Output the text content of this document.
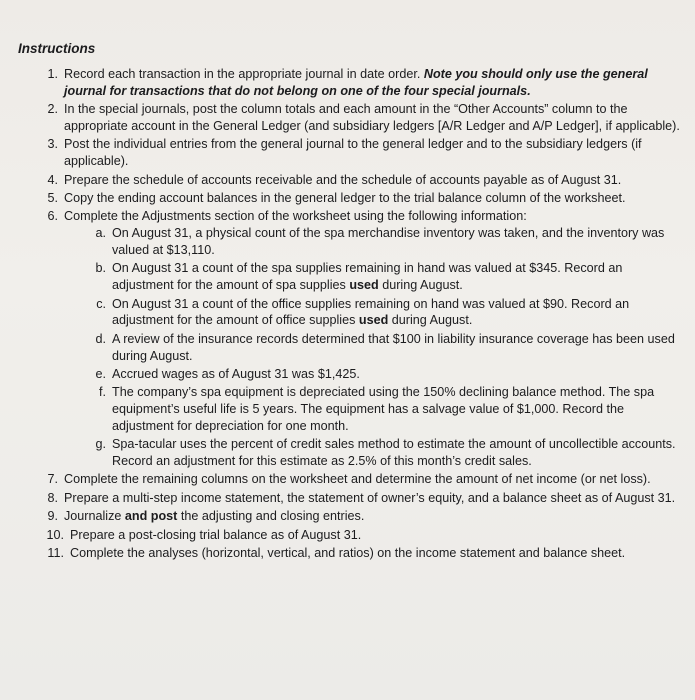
Instructions
1. Record each transaction in the appropriate journal in date order. Note you should only use the general journal for transactions that do not belong on one of the four special journals.
2. In the special journals, post the column totals and each amount in the “Other Accounts” column to the appropriate account in the General Ledger (and subsidiary ledgers [A/R Ledger and A/P Ledger], if applicable).
3. Post the individual entries from the general journal to the general ledger and to the subsidiary ledgers (if applicable).
4. Prepare the schedule of accounts receivable and the schedule of accounts payable as of August 31.
5. Copy the ending account balances in the general ledger to the trial balance column of the worksheet.
6. Complete the Adjustments section of the worksheet using the following information:
a. On August 31, a physical count of the spa merchandise inventory was taken, and the inventory was valued at $13,110.
b. On August 31 a count of the spa supplies remaining in hand was valued at $345. Record an adjustment for the amount of spa supplies used during August.
c. On August 31 a count of the office supplies remaining on hand was valued at $90. Record an adjustment for the amount of office supplies used during August.
d. A review of the insurance records determined that $100 in liability insurance coverage has been used during August.
e. Accrued wages as of August 31 was $1,425.
f. The company’s spa equipment is depreciated using the 150% declining balance method. The spa equipment’s useful life is 5 years. The equipment has a salvage value of $1,000. Record the adjustment for depreciation for one month.
g. Spa-tacular uses the percent of credit sales method to estimate the amount of uncollectible accounts. Record an adjustment for this estimate as 2.5% of this month’s credit sales.
7. Complete the remaining columns on the worksheet and determine the amount of net income (or net loss).
8. Prepare a multi-step income statement, the statement of owner’s equity, and a balance sheet as of August 31.
9. Journalize and post the adjusting and closing entries.
10. Prepare a post-closing trial balance as of August 31.
11. Complete the analyses (horizontal, vertical, and ratios) on the income statement and balance sheet.
